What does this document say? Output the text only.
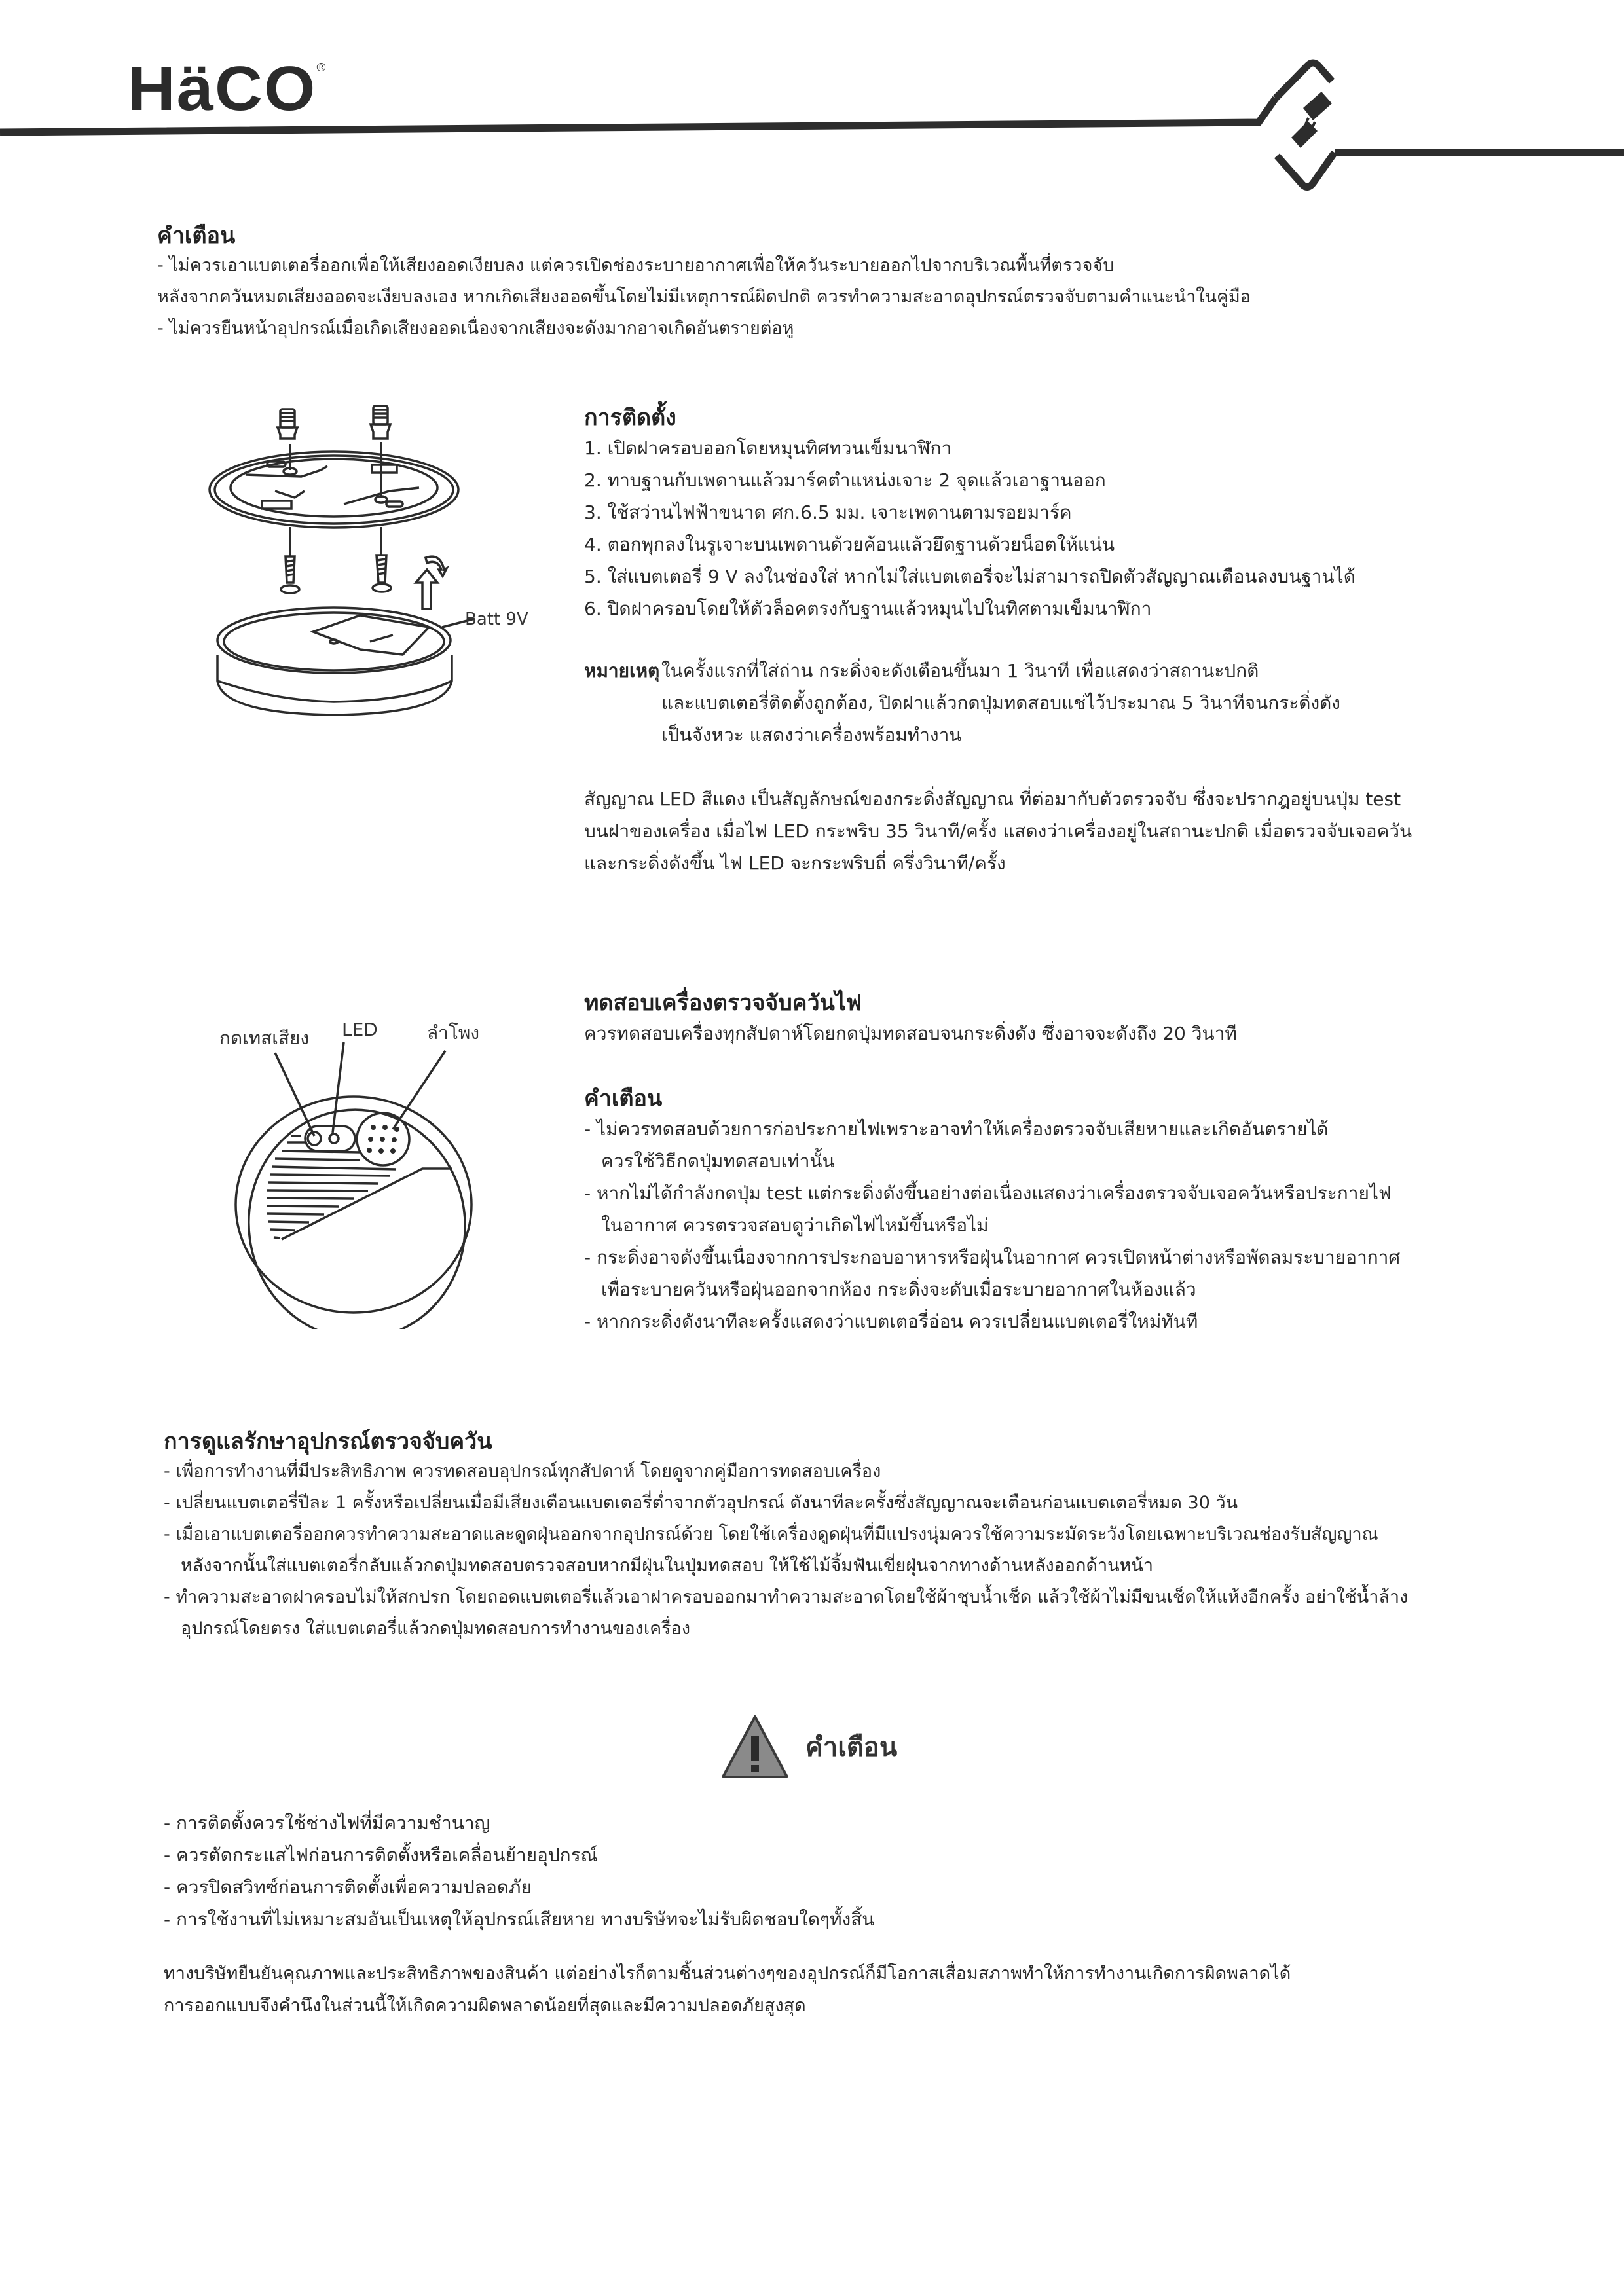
HäCO®
คำเตือน
- ไม่ควรเอาแบตเตอรี่ออกเพื่อให้เสียงออดเงียบลง แต่ควรเปิดช่องระบายอากาศเพื่อให้ควันระบายออกไปจากบริเวณพื้นที่ตรวจจับ
หลังจากควันหมดเสียงออดจะเงียบลงเอง หากเกิดเสียงออดขึ้นโดยไม่มีเหตุการณ์ผิดปกติ ควรทำความสะอาดอุปกรณ์ตรวจจับตามคำแนะนำในคู่มือ
- ไม่ควรยืนหน้าอุปกรณ์เมื่อเกิดเสียงออดเนื่องจากเสียงจะดังมากอาจเกิดอันตรายต่อหู
Batt 9V
การติดตั้ง
1. เปิดฝาครอบออกโดยหมุนทิศทวนเข็มนาฬิกา
2. ทาบฐานกับเพดานแล้วมาร์คตำแหน่งเจาะ 2 จุดแล้วเอาฐานออก
3. ใช้สว่านไฟฟ้าขนาด ศก.6.5 มม. เจาะเพดานตามรอยมาร์ค
4. ตอกพุกลงในรูเจาะบนเพดานด้วยค้อนแล้วยึดฐานด้วยน็อตให้แน่น
5. ใส่แบตเตอรี่ 9 V ลงในช่องใส่ หากไม่ใส่แบตเตอรี่จะไม่สามารถปิดตัวสัญญาณเตือนลงบนฐานได้
6. ปิดฝาครอบโดยให้ตัวล็อคตรงกับฐานแล้วหมุนไปในทิศตามเข็มนาฬิกา
หมายเหตุในครั้งแรกที่ใส่ถ่าน กระดิ่งจะดังเตือนขึ้นมา 1 วินาที เพื่อแสดงว่าสถานะปกติ
และแบตเตอรี่ติดตั้งถูกต้อง, ปิดฝาแล้วกดปุ่มทดสอบแช่ไว้ประมาณ 5 วินาทีจนกระดิ่งดัง
เป็นจังหวะ แสดงว่าเครื่องพร้อมทำงาน
สัญญาณ LED สีแดง เป็นสัญลักษณ์ของกระดิ่งสัญญาณ ที่ต่อมากับตัวตรวจจับ ซึ่งจะปรากฎอยู่บนปุ่ม test
บนฝาของเครื่อง เมื่อไฟ LED กระพริบ 35 วินาที/ครั้ง แสดงว่าเครื่องอยู่ในสถานะปกติ เมื่อตรวจจับเจอควัน
และกระดิ่งดังขึ้น ไฟ LED จะกระพริบถี่ ครึ่งวินาที/ครั้ง
กดเทสเสียง LED	ลำโพง
ทดสอบเครื่องตรวจจับควันไฟ
ควรทดสอบเครื่องทุกสัปดาห์โดยกดปุ่มทดสอบจนกระดิ่งดัง ซึ่งอาจจะดังถึง 20 วินาที
คำเตือน
- ไม่ควรทดสอบด้วยการก่อประกายไฟเพราะอาจทำให้เครื่องตรวจจับเสียหายและเกิดอันตรายได้
ควรใช้วิธีกดปุ่มทดสอบเท่านั้น
- หากไม่ได้กำลังกดปุ่ม test แต่กระดิ่งดังขึ้นอย่างต่อเนื่องแสดงว่าเครื่องตรวจจับเจอควันหรือประกายไฟ
ในอากาศ ควรตรวจสอบดูว่าเกิดไฟไหม้ขึ้นหรือไม่
- กระดิ่งอาจดังขึ้นเนื่องจากการประกอบอาหารหรือฝุ่นในอากาศ ควรเปิดหน้าต่างหรือพัดลมระบายอากาศ
เพื่อระบายควันหรือฝุ่นออกจากห้อง กระดิ่งจะดับเมื่อระบายอากาศในห้องแล้ว
- หากกระดิ่งดังนาทีละครั้งแสดงว่าแบตเตอรี่อ่อน ควรเปลี่ยนแบตเตอรี่ใหม่ทันที
การดูแลรักษาอุปกรณ์ตรวจจับควัน
- เพื่อการทำงานที่มีประสิทธิภาพ ควรทดสอบอุปกรณ์ทุกสัปดาห์ โดยดูจากคู่มือการทดสอบเครื่อง
- เปลี่ยนแบตเตอรี่ปีละ 1 ครั้งหรือเปลี่ยนเมื่อมีเสียงเตือนแบตเตอรี่ต่ำจากตัวอุปกรณ์ ดังนาทีละครั้งซึ่งสัญญาณจะเตือนก่อนแบตเตอรี่หมด 30 วัน
- เมื่อเอาแบตเตอรี่ออกควรทำความสะอาดและดูดฝุ่นออกจากอุปกรณ์ด้วย โดยใช้เครื่องดูดฝุ่นที่มีแปรงนุ่มควรใช้ความระมัดระวังโดยเฉพาะบริเวณช่องรับสัญญาณ
หลังจากนั้นใส่แบตเตอรี่กลับแล้วกดปุ่มทดสอบตรวจสอบหากมีฝุ่นในปุ่มทดสอบ ให้ใช้ไม้จิ้มฟันเขี่ยฝุ่นจากทางด้านหลังออกด้านหน้า
- ทำความสะอาดฝาครอบไม่ให้สกปรก โดยถอดแบตเตอรี่แล้วเอาฝาครอบออกมาทำความสะอาดโดยใช้ผ้าชุบน้ำเช็ด แล้วใช้ผ้าไม่มีขนเช็ดให้แห้งอีกครั้ง อย่าใช้น้ำล้าง
อุปกรณ์โดยตรง ใส่แบตเตอรี่แล้วกดปุ่มทดสอบการทำงานของเครื่อง
คำเตือน
- การติดตั้งควรใช้ช่างไฟที่มีความชำนาญ
- ควรตัดกระแสไฟก่อนการติดตั้งหรือเคลื่อนย้ายอุปกรณ์
- ควรปิดสวิทซ์ก่อนการติดตั้งเพื่อความปลอดภัย
- การใช้งานที่ไม่เหมาะสมอันเป็นเหตุให้อุปกรณ์เสียหาย ทางบริษัทจะไม่รับผิดชอบใดๆทั้งสิ้น
ทางบริษัทยืนยันคุณภาพและประสิทธิภาพของสินค้า แต่อย่างไรก็ตามชิ้นส่วนต่างๆของอุปกรณ์ก็มีโอกาสเสื่อมสภาพทำให้การทำงานเกิดการผิดพลาดได้
การออกแบบจึงคำนึงในส่วนนี้ให้เกิดความผิดพลาดน้อยที่สุดและมีความปลอดภัยสูงสุด
